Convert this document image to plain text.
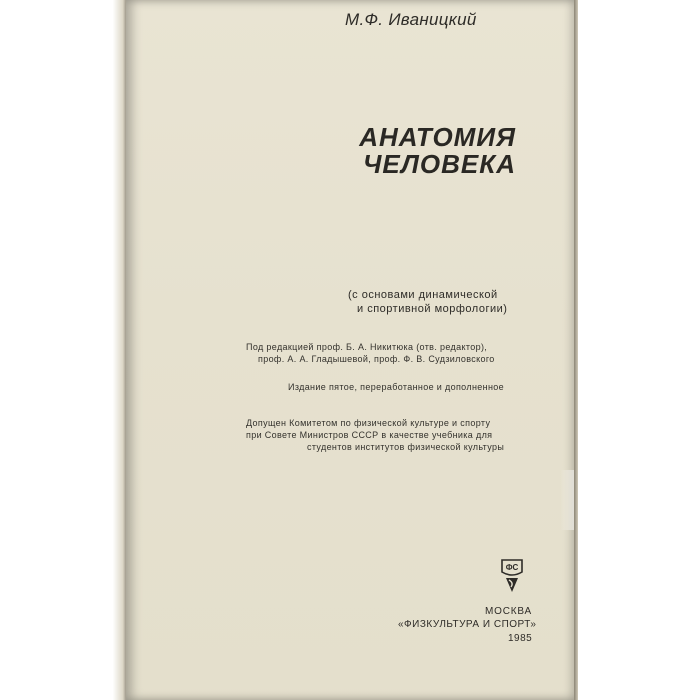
М.Ф. Иваницкий
АНАТОМИЯ
ЧЕЛОВЕКА
(с основами динамической
и спортивной морфологии)
Под редакцией проф. Б. А. Никитюка (отв. редактор),
проф. А. А. Гладышевой, проф. Ф. В. Судзиловского
Издание пятое, переработанное и дополненное
Допущен Комитетом по физической культуре и спорту
при Совете Министров СССР в качестве учебника для
студентов институтов физической культуры
ФС
МОСКВА
«ФИЗКУЛЬТУРА И СПОРТ»
1985
